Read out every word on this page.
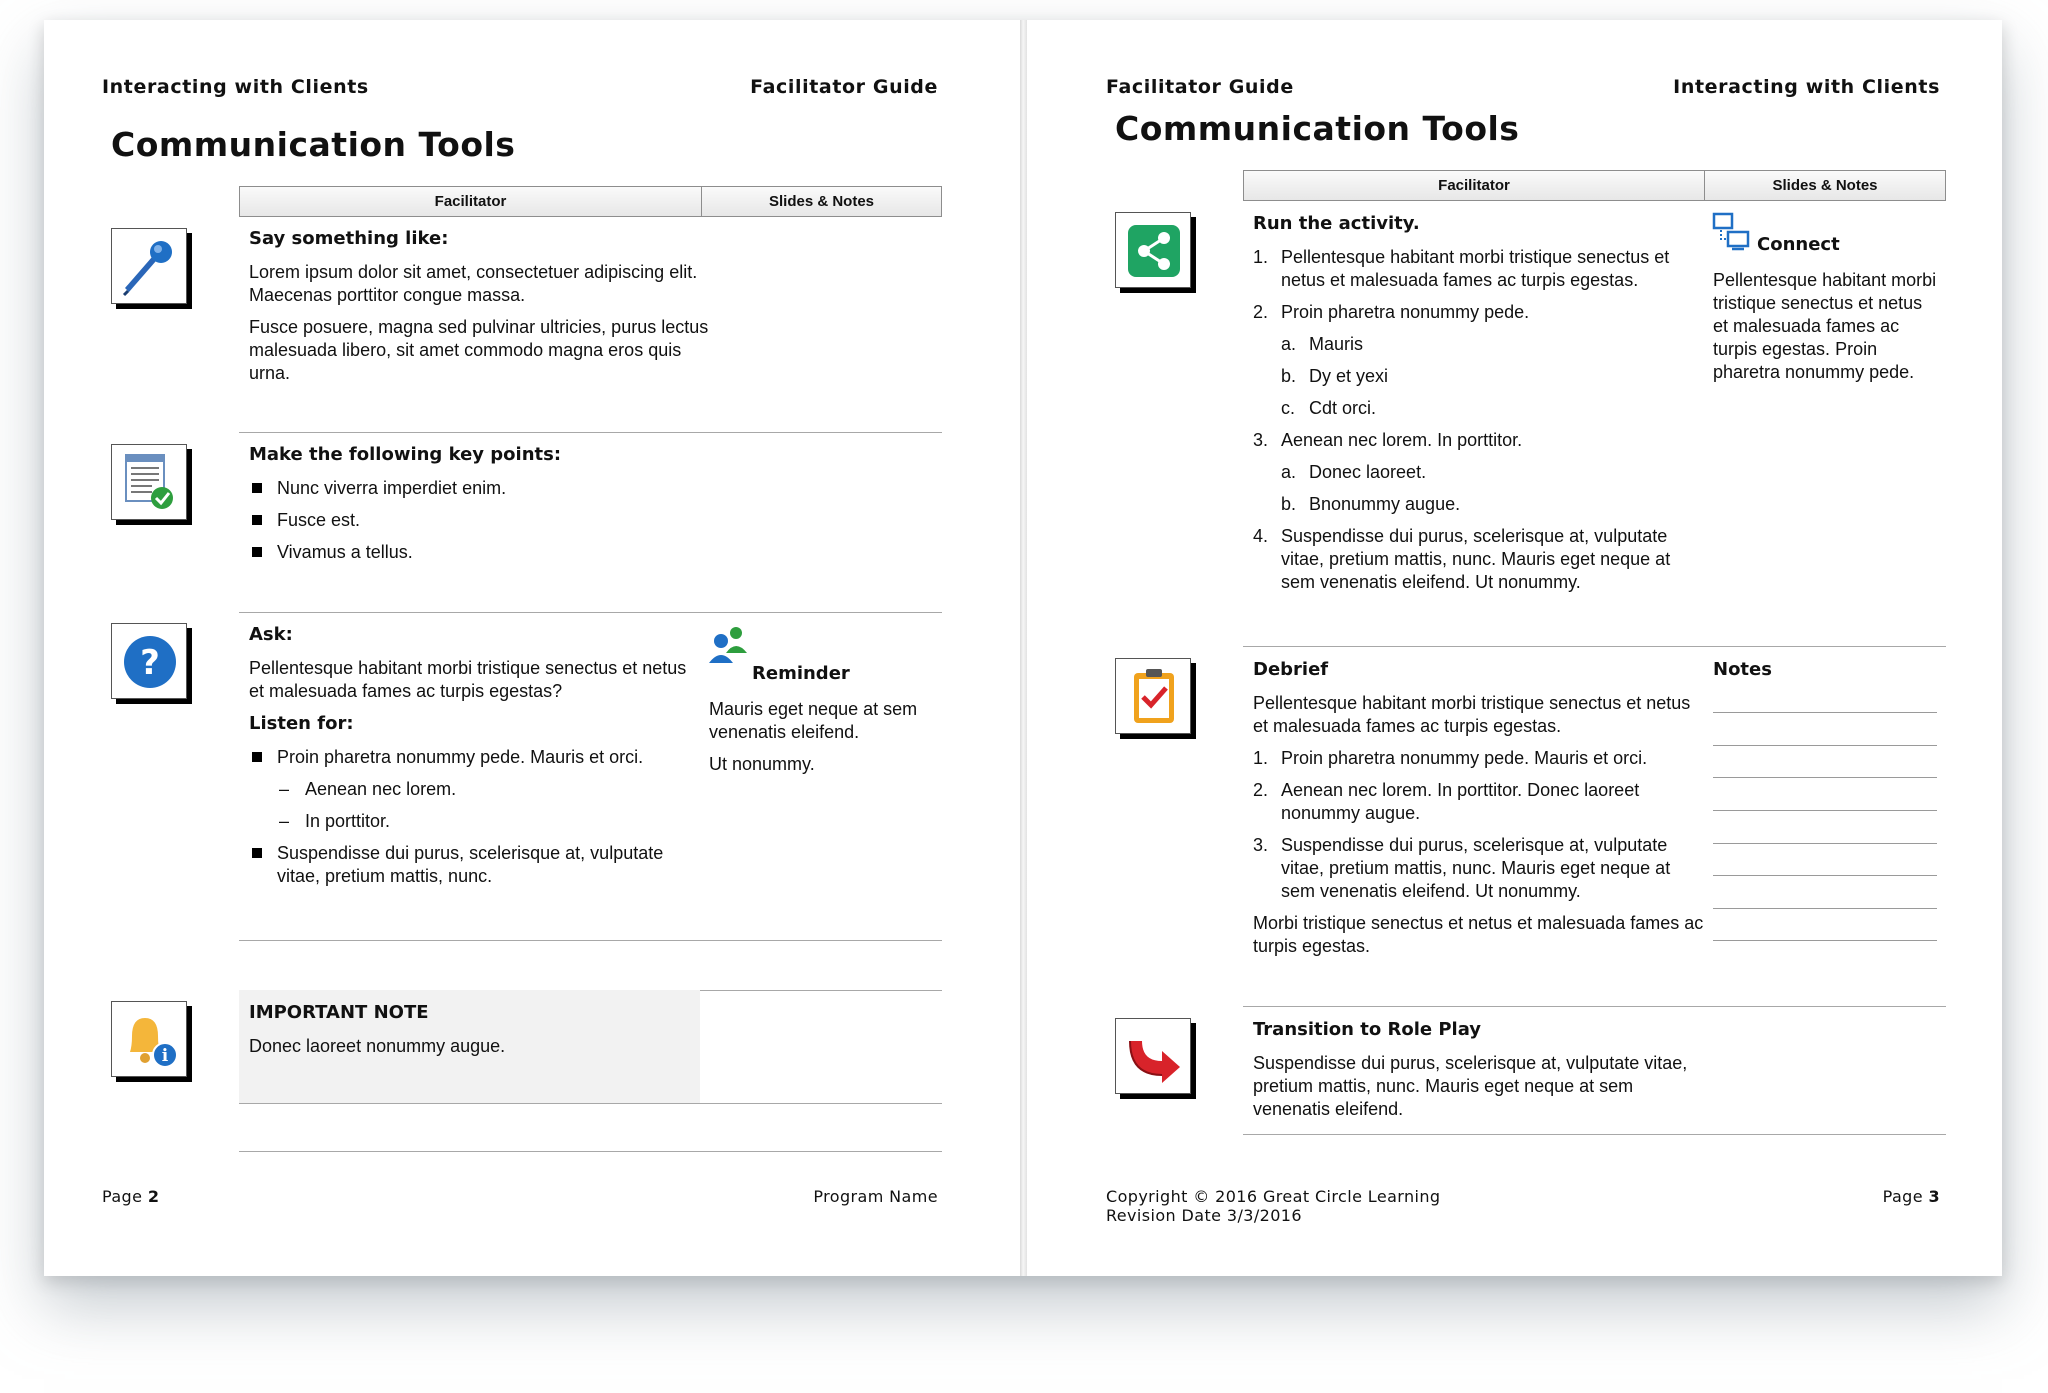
Interacting with Clients	Facilitator Guide
Communication Tools
Facilitator	Slides & Notes
Say something like:

Lorem ipsum dolor sit amet, consectetuer adipiscing elit. Maecenas porttitor congue massa.

Fusce posuere, magna sed pulvinar ultricies, purus lectus malesuada libero, sit amet commodo magna eros quis urna.

Make the following key points:
Nunc viverra imperdiet enim.
Fusce est.
Vivamus a tellus.
?
Ask:

Pellentesque habitant morbi tristique senectus et netus et malesuada fames ac turpis egestas?

Listen for:
Proin pharetra nonummy pede. Mauris et orci.
– Aenean nec lorem.
– In porttitor.
Suspendisse dui purus, scelerisque at, vulputate vitae, pretium mattis, nunc.
Reminder

Mauris eget neque at sem venenatis eleifend.

Ut nonummy.

i
IMPORTANT NOTE

Donec laoreet nonummy augue.

Page 2	Program Name
Facilitator Guide	Interacting with Clients
Communication Tools
Facilitator	Slides & Notes
Run the activity.
1. Pellentesque habitant morbi tristique senectus et netus et malesuada fames ac turpis egestas.
2. Proin pharetra nonummy pede.
a. Mauris
b. Dy et yexi
c. Cdt orci.
3. Aenean nec lorem. In porttitor.
a. Donec laoreet.
b. Bnonummy augue.
4. Suspendisse dui purus, scelerisque at, vulputate vitae, pretium mattis, nunc. Mauris eget neque at sem venenatis eleifend. Ut nonummy.
Connect

Pellentesque habitant morbi tristique senectus et netus et malesuada fames ac turpis egestas. Proin pharetra nonummy pede.

Debrief

Pellentesque habitant morbi tristique senectus et netus et malesuada fames ac turpis egestas.

1. Proin pharetra nonummy pede. Mauris et orci.
2. Aenean nec lorem. In porttitor. Donec laoreet nonummy augue.
3. Suspendisse dui purus, scelerisque at, vulputate vitae, pretium mattis, nunc. Mauris eget neque at sem venenatis eleifend. Ut nonummy.

Morbi tristique senectus et netus et malesuada fames ac turpis egestas.

Notes
Transition to Role Play

Suspendisse dui purus, scelerisque at, vulputate vitae, pretium mattis, nunc. Mauris eget neque at sem venenatis eleifend.

Copyright © 2016 Great Circle Learning
Revision Date 3/3/2016
Page 3
